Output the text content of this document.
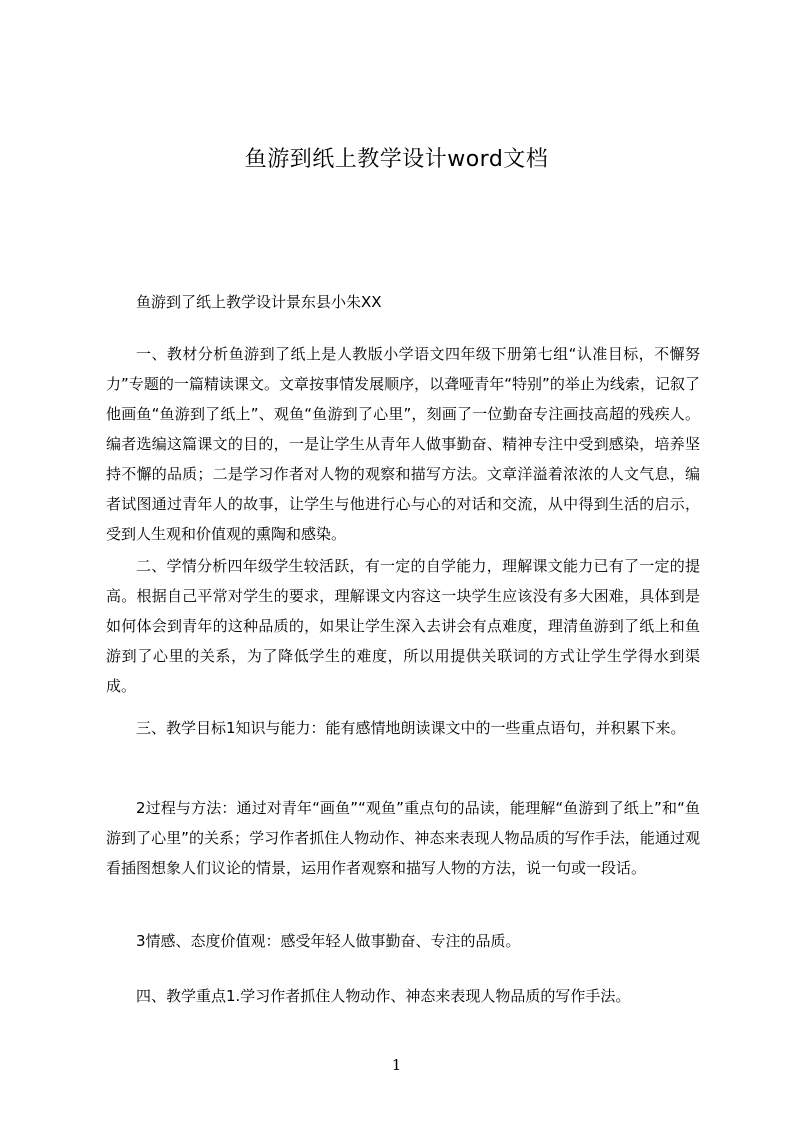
鱼游到纸上教学设计word文档

鱼游到了纸上教学设计景东县小朱XX

一、教材分析鱼游到了纸上是人教版小学语文四年级下册第七组“认准目标，不懈努力”专题的一篇精读课文。文章按事情发展顺序，以聋哑青年“特别”的举止为线索，记叙了他画鱼“鱼游到了纸上”、观鱼“鱼游到了心里”，刻画了一位勤奋专注画技高超的残疾人。编者选编这篇课文的目的，一是让学生从青年人做事勤奋、精神专注中受到感染，培养坚持不懈的品质；二是学习作者对人物的观察和描写方法。文章洋溢着浓浓的人文气息，编者试图通过青年人的故事，让学生与他进行心与心的对话和交流，从中得到生活的启示，受到人生观和价值观的熏陶和感染。

二、学情分析四年级学生较活跃，有一定的自学能力，理解课文能力已有了一定的提高。根据自己平常对学生的要求，理解课文内容这一块学生应该没有多大困难，具体到是如何体会到青年的这种品质的，如果让学生深入去讲会有点难度，理清鱼游到了纸上和鱼游到了心里的关系，为了降低学生的难度，所以用提供关联词的方式让学生学得水到渠成。

三、教学目标1知识与能力：能有感情地朗读课文中的一些重点语句，并积累下来。

2过程与方法：通过对青年“画鱼”“观鱼”重点句的品读，能理解“鱼游到了纸上”和“鱼游到了心里”的关系；学习作者抓住人物动作、神态来表现人物品质的写作手法，能通过观看插图想象人们议论的情景，运用作者观察和描写人物的方法，说一句或一段话。

3情感、态度价值观：感受年轻人做事勤奋、专注的品质。

四、教学重点1.学习作者抓住人物动作、神态来表现人物品质的写作手法。

1
